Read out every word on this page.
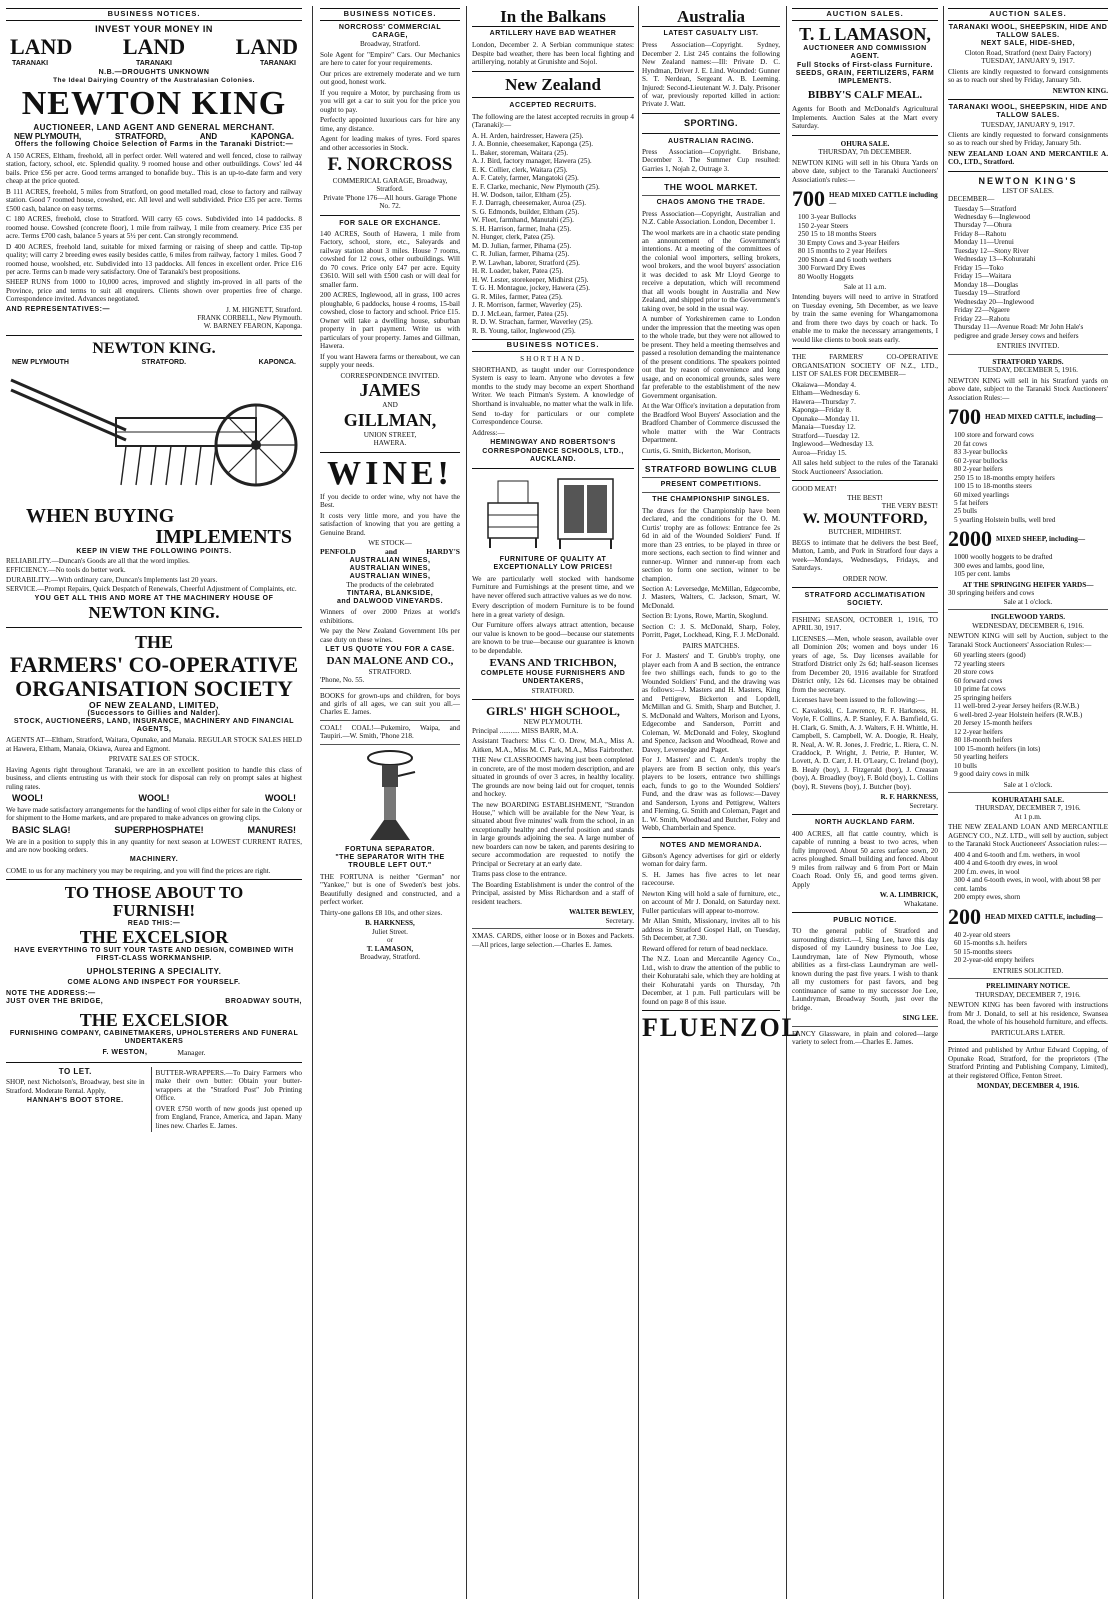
BUSINESS NOTICES.
INVEST YOUR MONEY IN
LAND LAND LAND
TARANAKI	TARANAKI	TARANAKI
N.B.—DROUGHTS UNKNOWN
The Ideal Dairying Country of the Australasian Colonies.
NEWTON KING
AUCTIONEER, LAND AGENT AND GENERAL MERCHANT.
NEW PLYMOUTH,	STRATFORD,	AND	KAPONGA.
Offers the following Choice Selection of Farms in the Taranaki District:—

A 150 ACRES, Eltham, freehold, all in perfect order. Well watered and well fenced, close to railway station, factory, school, etc. Splendid quality. 9 roomed house and other outbuildings. Cows' led 44 bails. Price £56 per acre. Good terms arranged to bonafide buy.. This is an up-to-date farm and very cheap at the price quoted.

B 111 ACRES, freehold, 5 miles from Stratford, on good metalled road, close to factory and railway station. Good 7 roomed house, cowshed, etc. All level and well subdivided. Price £35 per acre. Terms £500 cash, balance on easy terms.

C 180 ACRES, freehold, close to Stratford. Will carry 65 cows. Subdivided into 14 paddocks. 8 roomed house. Cowshed (concrete floor), 1 mile from railway, 1 mile from creamery. Price £35 per acre. Terms £700 cash, balance 5 years at 5½ per cent. Can strongly recommend.

D 400 ACRES, freehold land, suitable for mixed farming or raising of sheep and cattle. Tip-top quality; will carry 2 breeding ewes easily besides cattle, 6 miles from railway, factory 1 miles. Good 7 roomed house, woolshed, etc. Subdivided into 13 paddocks. All fences in excellent order. Price £16 per acre. Terms can b made very satisfactory. One of Taranaki's best propositions.

SHEEP RUNS from 1000 to 10,000 acres, improved and slightly im-proved in all parts of the Province, price and terms to suit all enquirers. Clients shown over properties free of charge. Correspondence invited. Advances negotiated.

AND REPRESENTATIVES:—	J. M. HIGNETT, Stratford.
FRANK CORBELL, New Plymouth.
W. BARNEY FEARON, Kaponga.
NEWTON KING.
NEW PLYMOUTH	STRATFORD.	KAPONCA.
WHEN BUYING
IMPLEMENTS
KEEP IN VIEW THE FOLLOWING POINTS.

RELIABILITY.—Duncan's Goods are all that the word implies.

EFFICIENCY.—No tools do better work.

DURABILITY.—With ordinary care, Duncan's Implements last 20 years.

SERVICE.—Prompt Repairs, Quick Despatch of Renewals, Cheerful Adjustment of Complaints, etc.

YOU GET ALL THIS AND MORE AT THE MACHINERY HOUSE OF
NEWTON KING.
THE
FARMERS' CO-OPERATIVE
ORGANISATION SOCIETY
OF NEW ZEALAND, LIMITED,
(Successors to Gillies and Nalder).
STOCK, AUCTIONEERS, LAND, INSURANCE, MACHINERY AND FINANCIAL AGENTS,

AGENTS AT—Eltham, Stratford, Waitara, Opunake, and Manaia. REGULAR STOCK SALES HELD at Hawera, Eltham, Manaia, Okiawa, Aurea and Egmont.

PRIVATE SALES OF STOCK.

Having Agents right throughout Taranaki, we are in an excellent position to handle this class of business, and clients entrusting us with their stock for disposal can rely on prompt sales at highest ruling rates.

WOOL!	WOOL!	WOOL!

We have made satisfactory arrangements for the handling of wool clips either for sale in the Colony or for shipment to the Home markets, and are prepared to make advances on growing clips.

BASIC SLAG!	SUPERPHOSPHATE!	MANURES!

We are in a position to supply this in any quantity for next season at LOWEST CURRENT RATES, and are now booking orders.

MACHINERY.

COME to us for any machinery you may be requiring, and you will find the prices are right.

TO THOSE ABOUT TO FURNISH!
READ THIS:—
THE EXCELSIOR
HAVE EVERYTHING TO SUIT YOUR TASTE AND DESIGN, COMBINED WITH FIRST-CLASS WORKMANSHIP.
UPHOLSTERING A SPECIALITY.
COME ALONG AND INSPECT FOR YOURSELF.
NOTE THE ADDRESS:—
JUST OVER THE BRIDGE,	BROADWAY SOUTH,
THE EXCELSIOR
FURNISHING COMPANY, CABINETMAKERS, UPHOLSTERERS AND FUNERAL UNDERTAKERS
F. WESTON,	Manager.
TO LET.

SHOP, next Nicholson's, Broadway, best site in Stratford. Moderate Rental. Apply,

HANNAH'S BOOT STORE.

BUTTER-WRAPPERS.—To Dairy Farmers who make their own butter: Obtain your butter-wrappers at the "Stratford Post" Job Printing Office.

OVER £750 worth of new goods just opened up from England, France, America, and Japan. Many lines new. Charles E. James.

BUSINESS NOTICES.
NORCROSS' COMMERCIAL CARAGE,
Broadway, Stratford.

Sole Agent for "Empire" Cars. Our Mechanics are here to cater for your requirements.

Our prices are extremely moderate and we turn out good, honest work.

If you require a Motor, by purchasing from us you will get a car to suit you for the price you ought to pay.

Perfectly appointed luxurious cars for hire any time, any distance.

Agent for leading makes of tyres. Ford spares and other accessories in Stock.

F. NORCROSS
COMMERICAL GARAGE, Broadway, Stratford.
Private 'Phone 176—All hours. Garage 'Phone No. 72.
FOR SALE OR EXCHANCE.

140 ACRES, South of Hawera, 1 mile from Factory, school, store, etc., Saleyards and railway station about 3 miles. House 7 rooms, cowshed for 12 cows, other outbuildings. Will do 70 cows. Price only £47 per acre. Equity £3610. Will sell with £500 cash or will deal for smaller farm.

200 ACRES, Inglewood, all in grass, 100 acres ploughable, 6 paddocks, house 4 rooms, 15-bail cowshed, close to factory and school. Price £15. Owner will take a dwelling house, suburban property in part payment. Write us with particulars of your property. James and Gillman, Hawera.

If you want Hawera farms or thereabout, we can supply your needs.

CORRESPONDENCE INVITED.
JAMES
AND
GILLMAN,
UNION STREET,
HAWERA.
WINE!

If you decide to order wine, why not have the Best.

It costs very little more, and you have the satisfaction of knowing that you are getting a Genuine Brand.

WE STOCK—
PENFOLD	and	HARDY'S
AUSTRALIAN WINES,
AUSTRALIAN WINES,
AUSTRALIAN WINES,
The products of the celebrated
TINTARA, BLANKSIDE,
and DALWOOD VINEYARDS.

Winners of over 2000 Prizes at world's exhibitions.

We pay the New Zealand Government 10s per case duty on these wines.

LET US QUOTE YOU FOR A CASE.
DAN MALONE AND CO.,
STRATFORD.
'Phone, No. 55.

BOOKS for grown-ups and children, for boys and girls of all ages, we can suit you all.—Charles E. James.

COAL! COAL!—Pukemiro, Waipa, and Taupiri.—W. Smith, 'Phone 218.

FORTUNA SEPARATOR.
"THE SEPARATOR WITH THE TROUBLE LEFT OUT."

THE FORTUNA is neither "German" nor "Yankee," but is one of Sweden's best jobs. Beautifully designed and constructed, and a perfect worker.

Thirty-one gallons £8 10s, and other sizes.

B. HARKNESS,
Juliet Street.
or
T. LAMASON,
Broadway, Stratford.
In the Balkans
ARTILLERY HAVE BAD WEATHER

London, December 2. A Serbian communique states: Despite bad weather, there has been local fighting and artillerying, notably at Grunishte and Sojol.

New Zealand
ACCEPTED RECRUITS.

The following are the latest accepted recruits in group 4 (Taranaki):—

A. H. Arden, hairdresser, Hawera (25).
J. A. Bonnie, cheesemaker, Kaponga (25).
L. Baker, storeman, Waitara (25).
A. J. Bird, factory manager, Hawera (25).
E. K. Collier, clerk, Waitara (25).
A. F. Cately, farmer, Mangatoki (25).
E. F. Clarke, mechanic, New Plymouth (25).
H. W. Dodson, tailor, Eltham (25).
F. J. Darragh, cheesemaker, Auroa (25).
S. G. Edmonds, builder, Eltham (25).
W. Fleet, farmhand, Manutahi (25).
S. H. Harrison, farmer, Inaha (25).
N. Hunger, clerk, Patea (25).
M. D. Julian, farmer, Pihama (25).
C. R. Julian, farmer, Pihama (25).
P. W. Lawhan, laborer, Stratford (25).
H. R. Loader, baker, Patea (25).
H. W. Lester, storekeeper, Midhirst (25).
T. G. H. Montague, jockey, Hawera (25).
G. R. Miles, farmer, Patea (25).
J. R. Morrison, farmer, Waverley (25).
D. J. McLean, farmer, Patea (25).
R. D. W. Strachan, farmer, Waverley (25).
R. B. Young, tailor, Inglewood (25).
BUSINESS NOTICES.
SHORTHAND.

SHORTHAND, as taught under our Correspondence System is easy to learn. Anyone who devotes a few months to the study may become an expert Shorthand Writer. We teach Pitman's System. A knowledge of Shorthand is invaluable, no matter what the walk in life.

Send to-day for particulars or our complete Correspondence Course.

Address:—
HEMINGWAY AND ROBERTSON'S CORRESPONDENCE SCHOOLS, LTD., AUCKLAND.
FURNITURE OF QUALITY AT EXCEPTIONALLY LOW PRICES!

We are particularly well stocked with handsome Furniture and Furnishings at the present time, and we have never offered such attractive values as we do now.

Every description of modern Furniture is to be found here in a great variety of design.

Our Furniture offers always attract attention, because our value is known to be good—because our statements are known to be true—because our guarantee is known to be dependable.

EVANS AND TRICHBON,
COMPLETE HOUSE FURNISHERS AND UNDERTAKERS,
STRATFORD.
GIRLS' HIGH SCHOOL,
NEW PLYMOUTH.
Principal ........... MISS BARR, M.A.

Assistant Teachers: Miss C. O. Drew, M.A., Miss A. Aitken, M.A., Miss M. C. Park, M.A., Miss Fairbrother.

THE New CLASSROOMS having just been completed in concrete, are of the most modern description, and are situated in grounds of over 3 acres, in healthy locality. The grounds are now being laid out for croquet, tennis and hockey.

The new BOARDING ESTABLISHMENT, "Strandon House," which will be available for the New Year, is situated about five minutes' walk from the school, in an exceptionally healthy and cheerful position and stands in large grounds adjoining the sea. A large number of new boarders can now be taken, and parents desiring to secure accommodation are requested to notify the Principal or Secretary at an early date.

Trams pass close to the entrance.

The Boarding Establishment is under the control of the Principal, assisted by Miss Richardson and a staff of resident teachers.

WALTER BEWLEY,
Secretary.

XMAS. CARDS, either loose or in Boxes and Packets.—All prices, large selection.—Charles E. James.

Australia
LATEST CASUALTY LIST.

Press Association—Copyright. Sydney, December 2. List 245 contains the following New Zealand names:—Ill: Private D. C. Hyndman, Driver J. E. Lind. Wounded: Gunner S. T. Nerdean, Sergeant A. B. Leeming. Injured: Second-Lieutenant W. J. Daly. Prisoner of war, previously reported killed in action: Private J. Watt.

SPORTING.
AUSTRALIAN RACING.

Press Association—Copyright. Brisbane, December 3. The Summer Cup resulted: Garries 1, Nojah 2, Outrage 3.

THE WOOL MARKET.
CHAOS AMONG THE TRADE.

Press Association—Copyright, Australian and N.Z. Cable Association. London, December 1.

The wool markets are in a chaotic state pending an announcement of the Government's intentions. At a meeting of the committees of the colonial wool importers, selling brokers, wool brokers, and the wool buyers' association it was decided to ask Mr Lloyd George to receive a deputation, which will recommend that all wools bought in Australia and New Zealand, and shipped prior to the Government's taking over, be sold in the usual way.

A number of Yorkshiremen came to London under the impression that the meeting was open to the whole trade, but they were not allowed to be present. They held a meeting themselves and passed a resolution demanding the maintenance of the present conditions. The speakers pointed out that by reason of convenience and long usage, and on economical grounds, sales were far preferable to the establishment of the new Government organisation.

At the War Office's invitation a deputation from the Bradford Wool Buyers' Association and the Bradford Chamber of Commerce discussed the whole matter with the War Contracts Department.

Curtis, G. Smith, Bickerton, Morison,
STRATFORD BOWLING CLUB
PRESENT COMPETITIONS.
THE CHAMPIONSHIP SINGLES.

The draws for the Championship have been declared, and the conditions for the O. M. Curtis' trophy are as follows: Entrance fee 2s 6d in aid of the Wounded Soldiers' Fund. If more than 23 entries, to be played in three or more sections, each section to find winner and runner-up. Winner and runner-up from each section to form one section, winner to be champion.

Section A: Leversedge, McMillan, Edgecombe, J. Masters, Walters, C. Jackson, Smart, W. McDonald.

Section B: Lyons, Rowe, Martin, Skoglund.

Section C: J. S. McDonald, Sharp, Foley, Porritt, Paget, Lockhead, King, F. J. McDonald.

PAIRS MATCHES.

For J. Masters' and T. Grubb's trophy, one player each from A and B section, the entrance fee two shillings each, funds to go to the Wounded Soldiers' Fund, and the drawing was as follows:—J. Masters and H. Masters, King and Pettigrew, Bickerton and Lopdell, McMillan and G. Smith, Sharp and Butcher, J. S. McDonald and Walters, Morison and Lyons, Edgecombe and Sanderson, Porritt and Coleman, W. McDonald and Foley, Skoglund and Spence, Jackson and Woodhead, Rowe and Davey, Leversedge and Paget.

For J. Masters' and C. Arden's trophy the players are from B section only, this year's players to be losers, entrance two shillings each, funds to go to the Wounded Soldiers' Fund, and the draw was as follows:—Davey and Sanderson, Lyons and Pettigrew, Walters and Fleming, G. Smith and Coleman, Paget and L. W. Smith, Woodhead and Butcher, Foley and Webb, Chamberlain and Spence.

NOTES AND MEMORANDA.

Gibson's Agency advertises for girl or elderly woman for dairy farm.

S. H. James has five acres to let near racecourse.

Newton King will hold a sale of furniture, etc., on account of Mr J. Donald, on Saturday next. Fuller particulars will appear to-morrow.

Mr Allan Smith, Missionary, invites all to his address in Stratford Gospel Hall, on Tuesday, 5th December, at 7.30.

Reward offered for return of bead necklace.

The N.Z. Loan and Mercantile Agency Co., Ltd., wish to draw the attention of the public to their Kohuratahi sale, which they are holding at their Kohuratahi yards on Thursday, 7th December, at 1 p.m. Full particulars will be found on page 8 of this issue.

FLUENZOL
AUCTION SALES.
T. L LAMASON,
AUCTIONEER AND COMMISSION AGENT.
Full Stocks of First-class Furniture.
SEEDS, GRAIN, FERTILIZERS, FARM IMPLEMENTS.
BIBBY'S CALF MEAL.

Agents for Booth and McDonald's Agricultural Implements. Auction Sales at the Mart every Saturday.

OHURA SALE.
THURSDAY, 7th DECEMBER.

NEWTON KING will sell in his Ohura Yards on above date, subject to the Taranaki Auctioneers' Association's rules:—

700 HEAD MIXED CATTLE including—
100 3-year Bullocks
150 2-year Steers
250 15 to 18 months Steers
30 Empty Cows and 3-year Heifers
80 15 months to 2 year Heifers
200 Shorn 4 and 6 tooth wethers
300 Forward Dry Ewes
80 Woolly Hoggets
Sale at 11 a.m.

Intending buyers will need to arrive in Stratford on Tuesday evening, 5th December, as we leave by train the same evening for Whangamomona and from there two days by coach or hack. To enable me to make the necessary arrangements, I would like clients to book seats early.

THE FARMERS' CO-OPERATIVE ORGANISATION SOCIETY OF N.Z., LTD., LIST OF SALES FOR DECEMBER—

Okaiawa—Monday 4.
Eltham—Wednesday 6.
Hawera—Thursday 7.
Kaponga—Friday 8.
Opunake—Monday 11.
Manaia—Tuesday 12.
Stratford—Tuesday 12.
Inglewood—Wednesday 13.
Auroa—Friday 15.

All sales held subject to the rules of the Taranaki Stock Auctioneers' Association.

GOOD MEAT!
THE BEST!
THE VERY BEST!
W. MOUNTFORD,
BUTCHER, MIDHIRST.

BEGS to intimate that he delivers the best Beef, Mutton, Lamb, and Pork in Stratford four days a week—Mondays, Wednesdays, Fridays, and Saturdays.

ORDER NOW.
STRATFORD ACCLIMATISATION SOCIETY.

FISHING SEASON, OCTOBER 1, 1916, TO APRIL 30, 1917.

LICENSES.—Men, whole season, available over all Dominion 20s; women and boys under 16 years of age, 5s. Day licenses available for Stratford District only 2s 6d; half-season licenses from December 20, 1916 available for Stratford District only, 12s 6d. Licenses may be obtained from the secretary.

Licenses have been issued to the following:—

C. Kavaloski, C. Lawrence, R. F. Harkness, H. Voyle, F. Collins, A. P. Stanley, F. A. Bamfield, G. H. Clark, G. Smith, A. J. Walters, F. H. Whittle, H. Campbell, S. Campbell, W. A. Doogie, R. Healy, R. Neal, A. W. R. Jones, J. Fredric, L. Riera, C. N. Craddock, P. Wright, J. Petrie, P. Hunter, W. Lovett, A. D. Carr, J. H. O'Leary, C. Ireland (boy), B. Healy (boy), J. Fitzgerald (boy), J. Creasan (boy), A. Broadley (boy), F. Bold (boy), L. Collins (boy), R. Stevens (boy), J. Butcher (boy).

R. F. HARKNESS,
Secretary.
NORTH AUCKLAND FARM.

400 ACRES, all flat cattle country, which is capable of running a beast to two acres, when fully improved. About 50 acres surface sown, 20 acres ploughed. Small building and fenced. About 9 miles from railway and 6 from Port or Main Coach Road. Only £6, and good terms given. Apply

W. A. LIMBRICK,
Whakatane.
PUBLIC NOTICE.

TO the general public of Stratford and surrounding district.—I, Sing Lee, have this day disposed of my Laundry business to Joe Lee, Laundryman, late of New Plymouth, whose abilities as a first-class Laundryman are well-known during the past five years. I wish to thank all my customers for past favors, and beg continuance of same to my successor Joe Lee, Laundryman, Broadway South, just over the bridge.

SING LEE.

FANCY Glassware, in plain and colored—large variety to select from.—Charles E. James.

AUCTION SALES.
TARANAKI WOOL, SHEEPSKIN, HIDE AND TALLOW SALES.
NEXT SALE, HIDE-SHED,
Cloton Road, Stratford (next Dairy Factory)
TUESDAY, JANUARY 9, 1917.

Clients are kindly requested to forward consignments so as to reach our shed by Friday, January 5th.

NEWTON KING.
TARANAKI WOOL, SHEEPSKIN, HIDE AND TALLOW SALES.
TUESDAY, JANUARY 9, 1917.

Clients are kindly requested to forward consignments so as to reach our shed by Friday, January 5th.

NEW ZEALAND LOAN AND MERCANTILE A. CO., LTD., Stratford.

NEWTON KING'S
LIST OF SALES.
DECEMBER—
Tuesday 5—Stratford
Wednesday 6—Inglewood
Thursday 7—Ohura
Friday 8—Rahotu
Monday 11—Urenui
Tuesday 12—Stony River
Wednesday 13—Kohuratahi
Friday 15—Toko
Friday 15—Waitara
Monday 18—Douglas
Tuesday 19—Stratford
Wednesday 20—Inglewood
Friday 22—Ngaere
Friday 22—Rahotu
Thursday 11—Avenue Road: Mr John Hale's pedigree and grade Jersey cows and heifers
ENTRIES INVITED.
STRATFORD YARDS.
TUESDAY, DECEMBER 5, 1916.

NEWTON KING will sell in his Stratford yards on above date, subject to the Taranaki Stock Auctioneers' Association Rules:—

700 HEAD MIXED CATTLE, including—
100 store and forward cows
20 fat cows
83 3-year bullocks
60 2-year bullocks
80 2-year heifers
250 15 to 18-months empty heifers
100 15 to 18-months steers
60 mixed yearlings
5 fat heifers
25 bulls
5 yearling Holstein bulls, well bred
2000 MIXED SHEEP, including—
1000 woolly hoggets to be drafted
300 ewes and lambs, good line,
105 per cent. lambs
AT THE SPRINGING HEIFER YARDS—
30 springing heifers and cows
Sale at 1 o'clock.
INGLEWOOD YARDS.
WEDNESDAY, DECEMBER 6, 1916.

NEWTON KING will sell by Auction, subject to the Taranaki Stock Auctioneers' Association Rules:—

60 yearling steers (good)
72 yearling steers
20 store cows
60 forward cows
10 prime fat cows
25 springing heifers
11 well-bred 2-year Jersey heifers (R.W.B.)
6 well-bred 2-year Holstein heifers (R.W.B.)
20 Jersey 15-month heifers
12 2-year heifers
80 18-month heifers
100 15-month heifers (in lots)
50 yearling heifers
10 bulls
9 good dairy cows in milk
Sale at 1 o'clock.
KOHURATAHI SALE.
THURSDAY, DECEMBER 7, 1916.
At 1 p.m.

THE NEW ZEALAND LOAN AND MERCANTILE AGENCY CO., N.Z. LTD., will sell by auction, subject to the Taranaki Stock Auctioneers' Association rules:—

400 4 and 6-tooth and f.m. wethers, in wool
400 4 and 6-tooth dry ewes, in wool
200 f.m. ewes, in wool
300 4 and 6-tooth ewes, in wool, with about 98 per cent. lambs
200 empty ewes, shorn
200 HEAD MIXED CATTLE, including—
40 2-year old steers
60 15-months s.h. heifers
50 15-months steers
20 2-year-old empty heifers
ENTRIES SOLICITED.
PRELIMINARY NOTICE.
THURSDAY, DECEMBER 7, 1916.

NEWTON KING has been favored with instructions from Mr J. Donald, to sell at his residence, Swansea Road, the whole of his household furniture, and effects.

PARTICULARS LATER.

Printed and published by Arthur Edward Copping, of Opunake Road, Stratford, for the proprietors (The Stratford Printing and Publishing Company, Limited), at their registered Office, Fenton Street.

MONDAY, DECEMBER 4, 1916.
